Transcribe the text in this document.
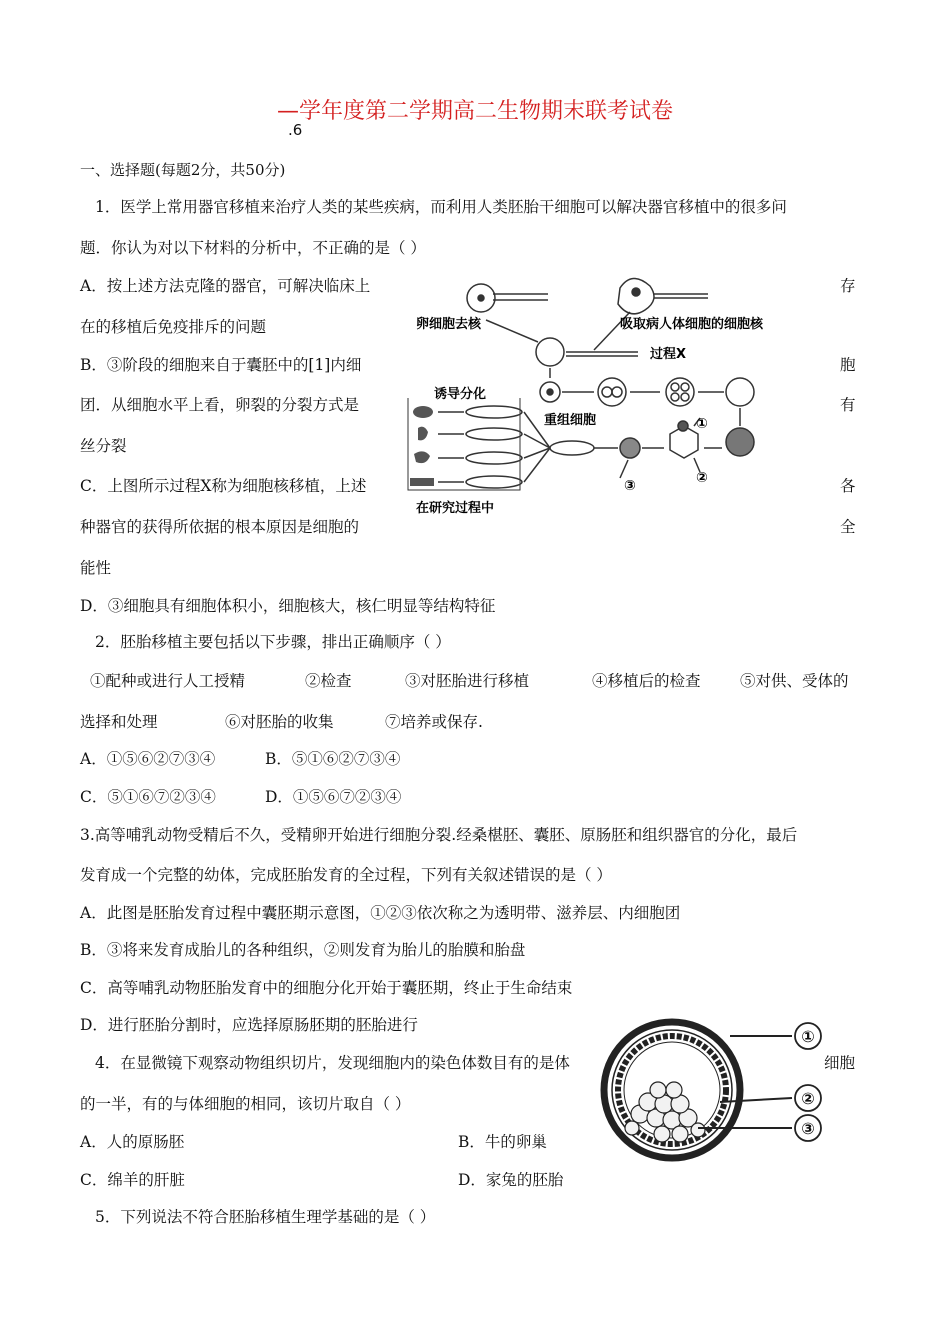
—学年度第二学期高二生物期末联考试卷
.6
一、选择题(每题2分，共50分)
1．医学上常用器官移植来治疗人类的某些疾病，而利用人类胚胎干细胞可以解决器官移植中的很多问
题．你认为对以下材料的分析中，不正确的是（ ）
A．按上述方法克隆的器官，可解决临床上	存
在的移植后免疫排斥的问题
B．③阶段的细胞来自于囊胚中的[1]内细	胞
团．从细胞水平上看，卵裂的分裂方式是	有
丝分裂
C．上图所示过程X称为细胞核移植，上述	各
种器官的获得所依据的根本原因是细胞的	全
能性
D．③细胞具有细胞体积小，细胞核大，核仁明显等结构特征
卵细胞去核	吸取病人体细胞的细胞核
过程X
诱导分化
重组细胞
在研究过程中
①
②
③
2．胚胎移植主要包括以下步骤，排出正确顺序（ ）
①配种或进行人工授精	②检查	③对胚胎进行移植	④移植后的检查	⑤对供、受体的
选择和处理	⑥对胚胎的收集	⑦培养或保存.
A．①⑤⑥②⑦③④	B．⑤①⑥②⑦③④
C．⑤①⑥⑦②③④	D．①⑤⑥⑦②③④
3.高等哺乳动物受精后不久，受精卵开始进行细胞分裂.经桑椹胚、囊胚、原肠胚和组织器官的分化，最后
发育成一个完整的幼体，完成胚胎发育的全过程，下列有关叙述错误的是（ ）
A．此图是胚胎发育过程中囊胚期示意图，①②③依次称之为透明带、滋养层、内细胞团
B．③将来发育成胎儿的各种组织，②则发育为胎儿的胎膜和胎盘
C．高等哺乳动物胚胎发育中的细胞分化开始于囊胚期，终止于生命结束
D．进行胚胎分割时，应选择原肠胚期的胚胎进行
①
②
③
4．在显微镜下观察动物组织切片，发现细胞内的染色体数目有的是体	细胞
的一半，有的与体细胞的相同，该切片取自（ ）
A．人的原肠胚	B．牛的卵巢
C．绵羊的肝脏	D．家兔的胚胎
5．下列说法不符合胚胎移植生理学基础的是（ ）
